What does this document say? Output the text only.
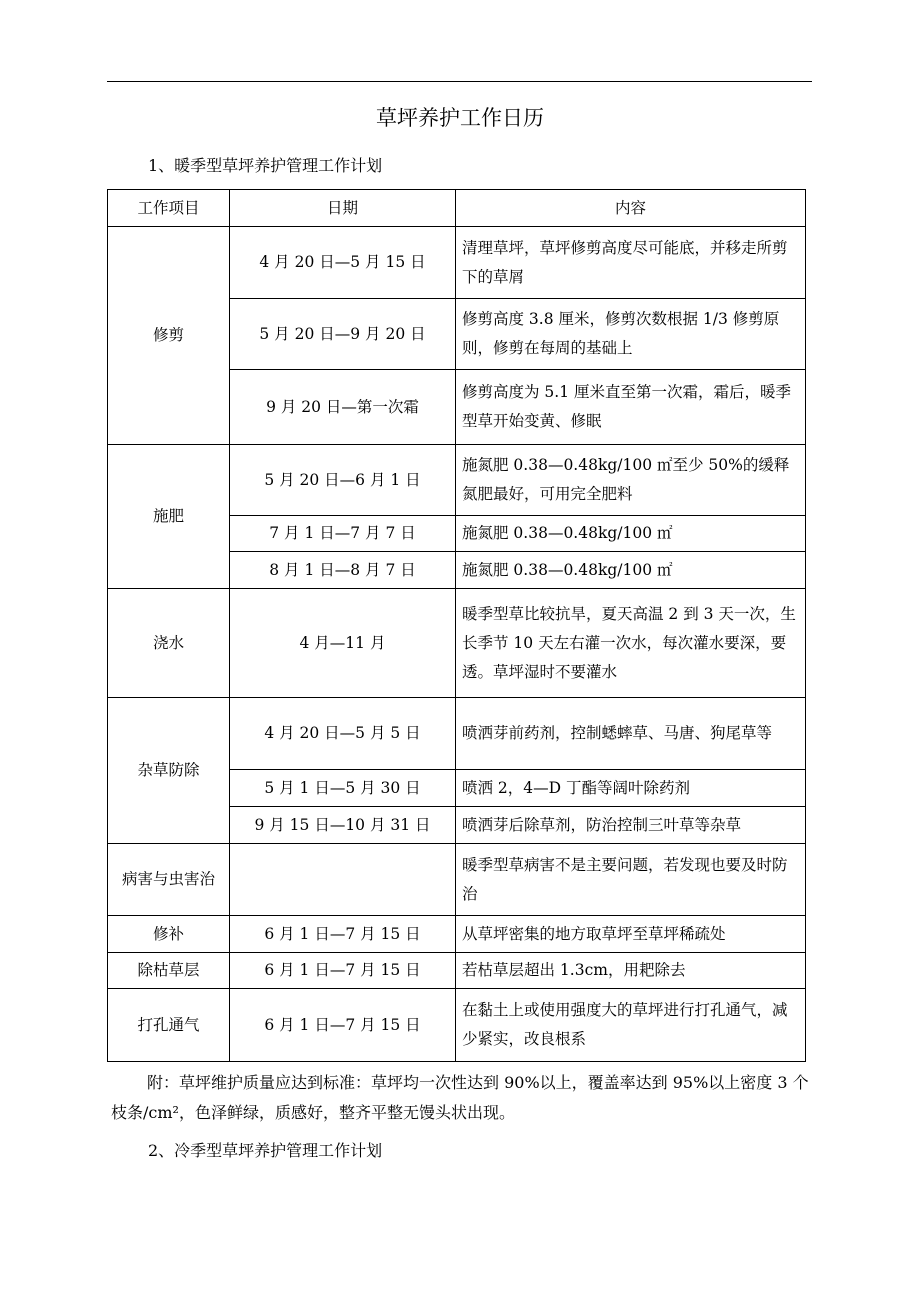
草坪养护工作日历
1、暖季型草坪养护管理工作计划
工作项目	日期	内容
修剪	4 月 20 日—5 月 15 日	清理草坪，草坪修剪高度尽可能底，并移走所剪下的草屑
	5 月 20 日—9 月 20 日	修剪高度 3.8 厘米，修剪次数根据 1/3 修剪原则，修剪在每周的基础上
	9 月 20 日—第一次霜	修剪高度为 5.1 厘米直至第一次霜，霜后，暖季型草开始变黄、修眠
施肥	5 月 20 日—6 月 1 日	施氮肥 0.38—0.48kg/100 ㎡至少 50%的缓释氮肥最好，可用完全肥料
	7 月 1 日—7 月 7 日	施氮肥 0.38—0.48kg/100 ㎡
	8 月 1 日—8 月 7 日	施氮肥 0.38—0.48kg/100 ㎡
浇水	4 月—11 月	暖季型草比较抗旱，夏天高温 2 到 3 天一次，生长季节 10 天左右灌一次水，每次灌水要深，要透。草坪湿时不要灌水
杂草防除	4 月 20 日—5 月 5 日	喷洒芽前药剂，控制蟋蟀草、马唐、狗尾草等
	5 月 1 日—5 月 30 日	喷洒 2，4—D 丁酯等阔叶除药剂
	9 月 15 日—10 月 31 日	喷洒芽后除草剂，防治控制三叶草等杂草
病害与虫害治		暖季型草病害不是主要问题，若发现也要及时防治
修补	6 月 1 日—7 月 15 日	从草坪密集的地方取草坪至草坪稀疏处
除枯草层	6 月 1 日—7 月 15 日	若枯草层超出 1.3cm，用耙除去
打孔通气	6 月 1 日—7 月 15 日	在黏土上或使用强度大的草坪进行打孔通气，减少紧实，改良根系
附：草坪维护质量应达到标准：草坪均一次性达到 90%以上，覆盖率达到 95%以上密度 3 个枝条/cm²，色泽鲜绿，质感好，整齐平整无馒头状出现。
2、冷季型草坪养护管理工作计划
